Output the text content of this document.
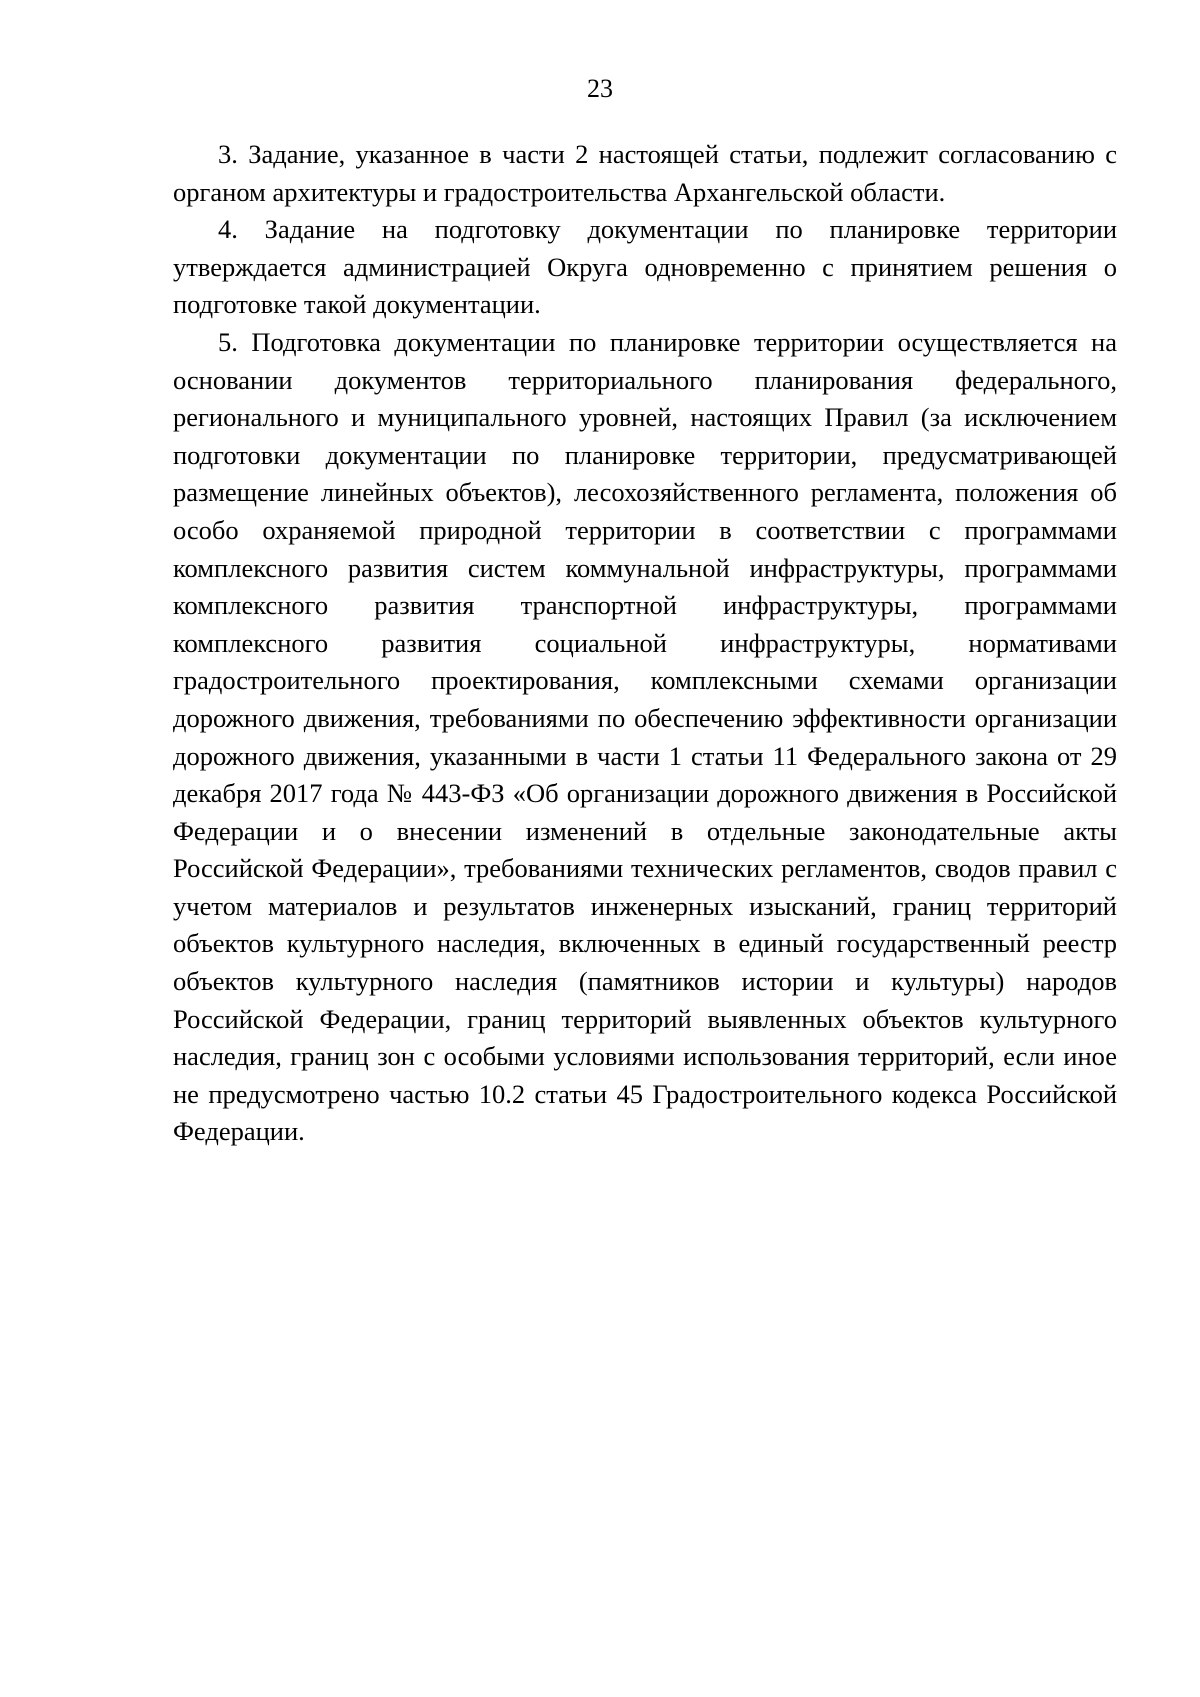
23

3. Задание, указанное в части 2 настоящей статьи, подлежит согласованию с органом архитектуры и градостроительства Архангельской области.

4. Задание на подготовку документации по планировке территории утверждается администрацией Округа одновременно с принятием решения о подготовке такой документации.

5. Подготовка документации по планировке территории осуществляется на основании документов территориального планирования федерального, регионального и муниципального уровней, настоящих Правил (за исключением подготовки документации по планировке территории, предусматривающей размещение линейных объектов), лесохозяйственного регламента, положения об особо охраняемой природной территории в соответствии с программами комплексного развития систем коммунальной инфраструктуры, программами комплексного развития транспортной инфраструктуры, программами комплексного развития социальной инфраструктуры, нормативами градостроительного проектирования, комплексными схемами организации дорожного движения, требованиями по обеспечению эффективности организации дорожного движения, указанными в части 1 статьи 11 Федерального закона от 29 декабря 2017 года № 443-ФЗ «Об организации дорожного движения в Российской Федерации и о внесении изменений в отдельные законодательные акты Российской Федерации», требованиями технических регламентов, сводов правил с учетом материалов и результатов инженерных изысканий, границ территорий объектов культурного наследия, включенных в единый государственный реестр объектов культурного наследия (памятников истории и культуры) народов Российской Федерации, границ территорий выявленных объектов культурного наследия, границ зон с особыми условиями использования территорий, если иное не предусмотрено частью 10.2 статьи 45 Градостроительного кодекса Российской Федерации.
